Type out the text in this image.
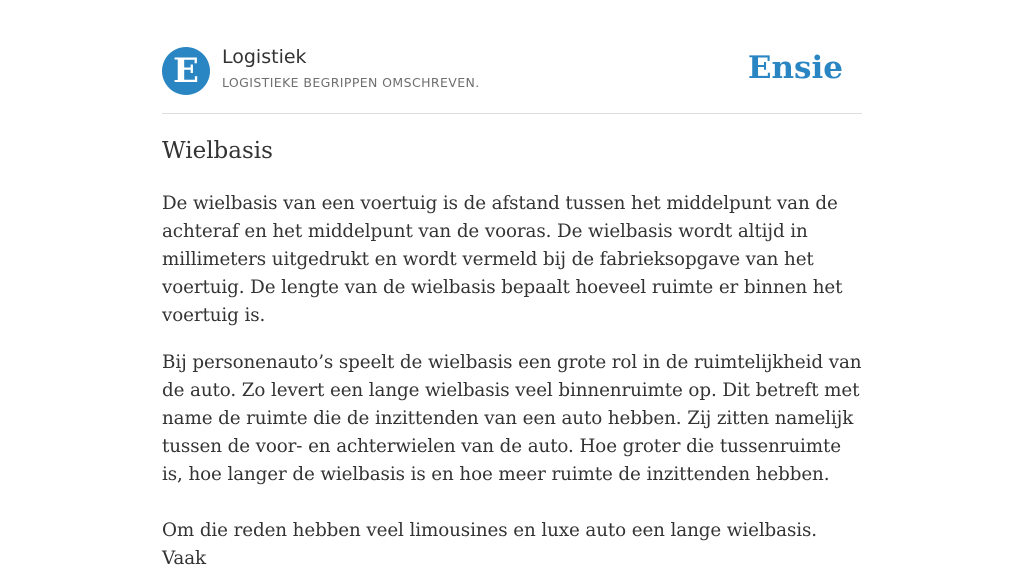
E	Logistiek
LOGISTIEKE BEGRIPPEN OMSCHREVEN.	Ensie
Wielbasis

De wielbasis van een voertuig is de afstand tussen het middelpunt van de achteraf en het middelpunt van de vooras. De wielbasis wordt altijd in millimeters uitgedrukt en wordt vermeld bij de fabrieksopgave van het voertuig. De lengte van de wielbasis bepaalt hoeveel ruimte er binnen het voertuig is.

Bij personenauto’s speelt de wielbasis een grote rol in de ruimtelijkheid van de auto. Zo levert een lange wielbasis veel binnenruimte op. Dit betreft met name de ruimte die de inzittenden van een auto hebben. Zij zitten namelijk tussen de voor- en achterwielen van de auto. Hoe groter die tussenruimte is, hoe langer de wielbasis is en hoe meer ruimte de inzittenden hebben.

Om die reden hebben veel limousines en luxe auto een lange wielbasis. Vaak
